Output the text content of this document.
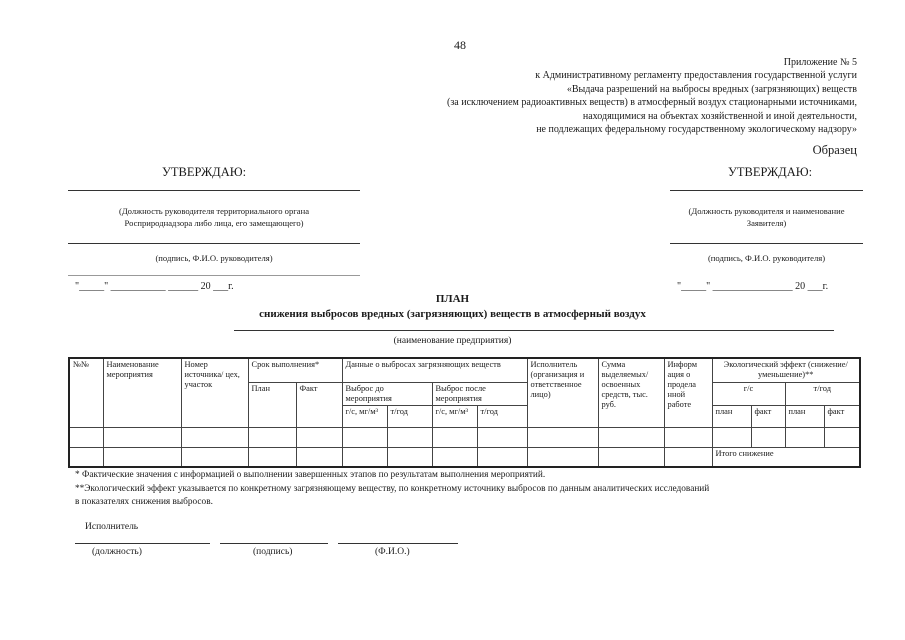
48
Приложение № 5
к Административному регламенту предоставления государственной услуги
«Выдача разрешений на выбросы вредных (загрязняющих) веществ
(за исключением радиоактивных веществ) в атмосферный воздух стационарными источниками,
находящимися на объектах хозяйственной и иной деятельности,
не подлежащих федеральному государственному экологическому надзору»
Образец
УТВЕРЖДАЮ:
(Должность руководителя территориального органа
Росприроднадзора либо лица, его замещающего)
(подпись, Ф.И.О. руководителя)
"_____" ___________ ______ 20 ___г.
УТВЕРЖДАЮ:
(Должность руководителя и наименование
Заявителя)
(подпись, Ф.И.О. руководителя)
"_____" ________________ 20 ___г.
ПЛАН
снижения выбросов вредных (загрязняющих) веществ в атмосферный воздух
(наименование предприятия)
№№	Наименование мероприятия	Номер источника/ цех, участок	Срок выполнения*		Данные о выбросах загрязняющих веществ				Исполнитель (организация и ответственное лицо)	Сумма выделяемых/ освоенных средств, тыс. руб.	Информ ация о продела нной работе	Экологический эффект (снижение/уменьшение)**			
			План	Факт	Выброс до мероприятия		Выброс после мероприятия					г/с		т/год	
					г/с, мг/м³	т/год	г/с, мг/м³	т/год				план	факт	план	факт

												Итого снижение			
* Фактические значения с информацией о выполнении завершенных этапов по результатам выполнения мероприятий.
**Экологический эффект указывается по конкретному загрязняющему веществу, по конкретному источнику выбросов по данным аналитических исследований
в показателях снижения выбросов.
Исполнитель
(должность)	(подпись)	(Ф.И.О.)
